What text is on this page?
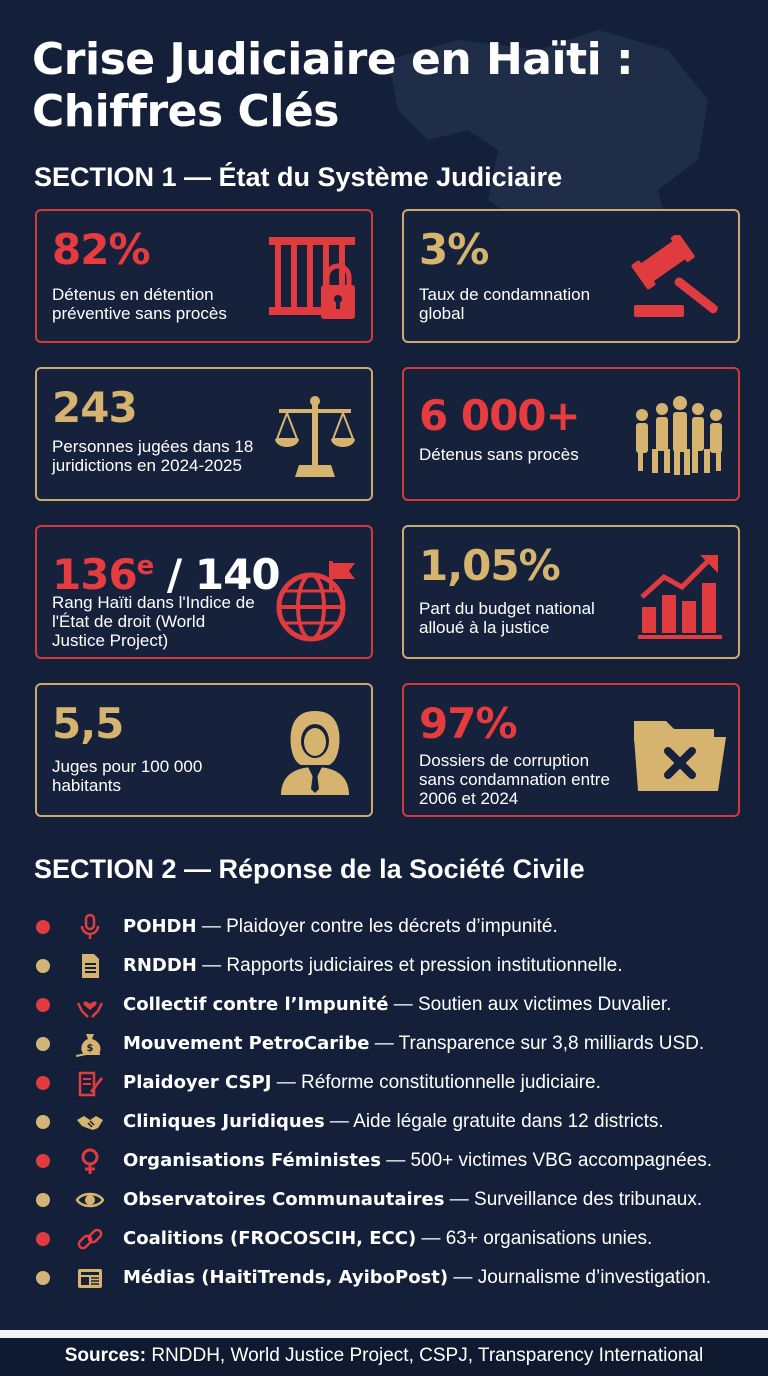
Crise Judiciaire en Haïti :
Chiffres Clés
SECTION 1 — État du Système Judiciaire
82%
Détenus en détention préventive sans procès
3%
Taux de condamnation global
243
Personnes jugées dans 18 juridictions en 2024-2025
6 000+
Détenus sans procès
136e / 140
Rang Haïti dans l'Indice de l'État de droit (World Justice Project)
1,05%
Part du budget national alloué à la justice
5,5
Juges pour 100 000 habitants
97%
Dossiers de corruption sans condamnation entre 2006 et 2024
SECTION 2 — Réponse de la Société Civile
POHDH — Plaidoyer contre les décrets d’impunité.
RNDDH — Rapports judiciaires et pression institutionnelle.
Collectif contre l’Impunité — Soutien aux victimes Duvalier.
$ Mouvement PetroCaribe — Transparence sur 3,8 milliards USD.
Plaidoyer CSPJ — Réforme constitutionnelle judiciaire.
Cliniques Juridiques — Aide légale gratuite dans 12 districts.
Organisations Féministes — 500+ victimes VBG accompagnées.
Observatoires Communautaires — Surveillance des tribunaux.
Coalitions (FROCOSCIH, ECC) — 63+ organisations unies.
Médias (HaitiTrends, AyiboPost) — Journalisme d’investigation.
Sources: RNDDH, World Justice Project, CSPJ, Transparency International
